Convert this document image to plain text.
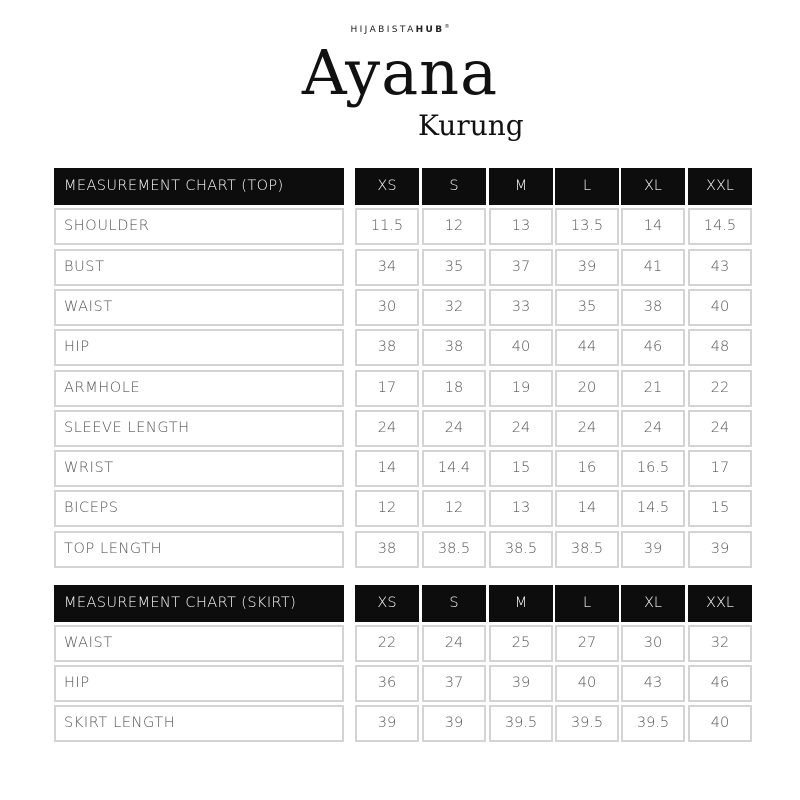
HIJABISTAHUB®
Ayana
Kurung
MEASUREMENT CHART (TOP)	XS	S	M	L	XL	XXL
SHOULDER	11.5	12	13	13.5	14	14.5
BUST	34	35	37	39	41	43
WAIST	30	32	33	35	38	40
HIP	38	38	40	44	46	48
ARMHOLE	17	18	19	20	21	22
SLEEVE LENGTH	24	24	24	24	24	24
WRIST	14	14.4	15	16	16.5	17
BICEPS	12	12	13	14	14.5	15
TOP LENGTH	38	38.5	38.5	38.5	39	39
MEASUREMENT CHART (SKIRT)	XS	S	M	L	XL	XXL
WAIST	22	24	25	27	30	32
HIP	36	37	39	40	43	46
SKIRT LENGTH	39	39	39.5	39.5	39.5	40
